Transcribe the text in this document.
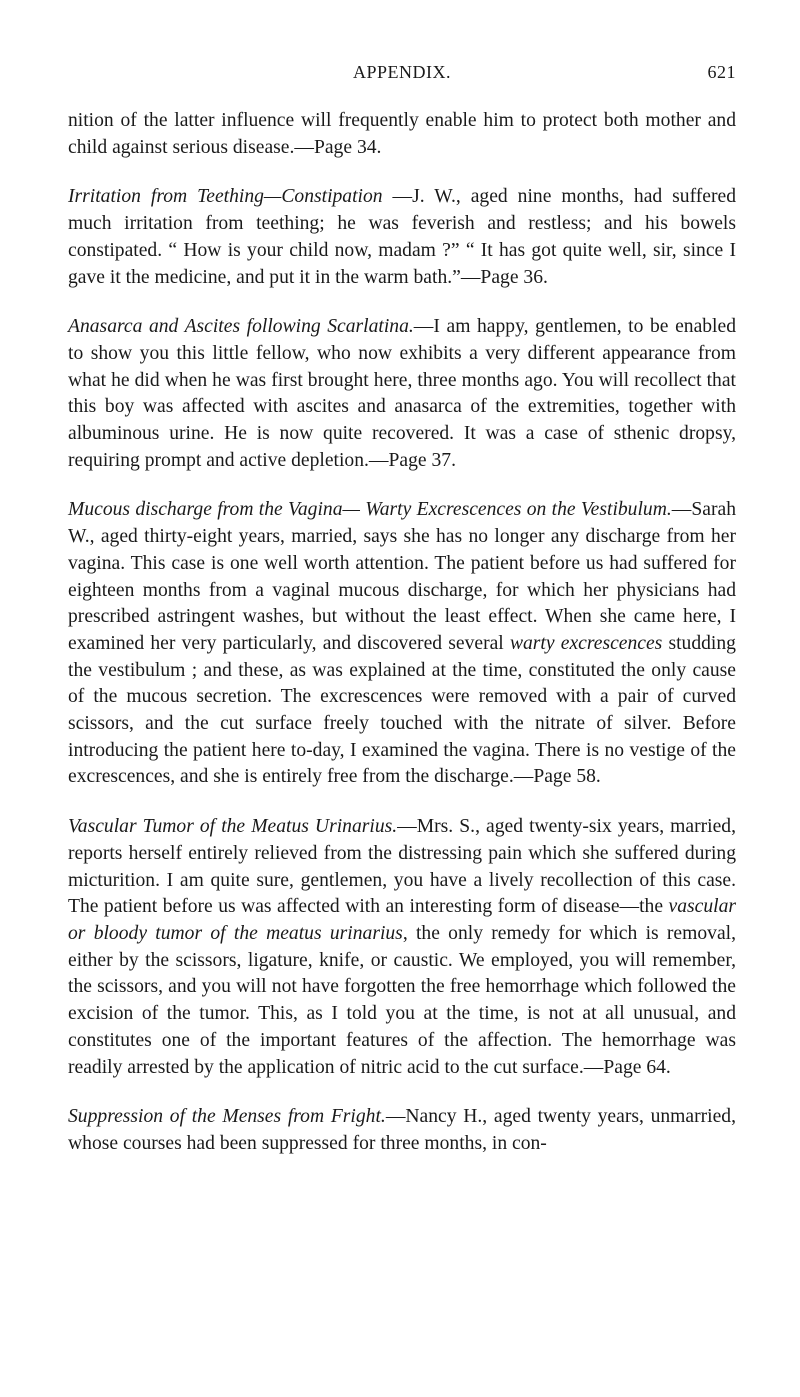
APPENDIX.	621

nition of the latter influence will frequently enable him to protect both mother and child against serious disease.—Page 34.

Irritation from Teething—Constipation —J. W., aged nine months, had suffered much irritation from teething; he was feverish and restless; and his bowels constipated. “ How is your child now, madam ?” “ It has got quite well, sir, since I gave it the medicine, and put it in the warm bath.”—Page 36.

Anasarca and Ascites following Scarlatina.—I am happy, gentlemen, to be enabled to show you this little fellow, who now exhibits a very different appearance from what he did when he was first brought here, three months ago. You will recollect that this boy was affected with ascites and anasarca of the extremities, together with albuminous urine. He is now quite recovered. It was a case of sthenic dropsy, requiring prompt and active depletion.—Page 37.

Mucous discharge from the Vagina— Warty Excrescences on the Vestibulum.—Sarah W., aged thirty-eight years, married, says she has no longer any discharge from her vagina. This case is one well worth attention. The patient before us had suffered for eighteen months from a vaginal mucous discharge, for which her physicians had prescribed astringent washes, but without the least effect. When she came here, I examined her very particularly, and discovered several warty excrescences studding the vestibulum ; and these, as was explained at the time, constituted the only cause of the mucous secretion. The excrescences were removed with a pair of curved scissors, and the cut surface freely touched with the nitrate of silver. Before introducing the patient here to-day, I examined the vagina. There is no vestige of the excrescences, and she is entirely free from the discharge.—Page 58.

Vascular Tumor of the Meatus Urinarius.—Mrs. S., aged twenty-six years, married, reports herself entirely relieved from the distressing pain which she suffered during micturition. I am quite sure, gentlemen, you have a lively recollection of this case. The patient before us was affected with an interesting form of disease—the vascular or bloody tumor of the meatus urinarius, the only remedy for which is removal, either by the scissors, ligature, knife, or caustic. We employed, you will remember, the scissors, and you will not have forgotten the free hemorrhage which followed the excision of the tumor. This, as I told you at the time, is not at all unusual, and constitutes one of the important features of the affection. The hemorrhage was readily arrested by the application of nitric acid to the cut surface.—Page 64.

Suppression of the Menses from Fright.—Nancy H., aged twenty years, unmarried, whose courses had been suppressed for three months, in con-
